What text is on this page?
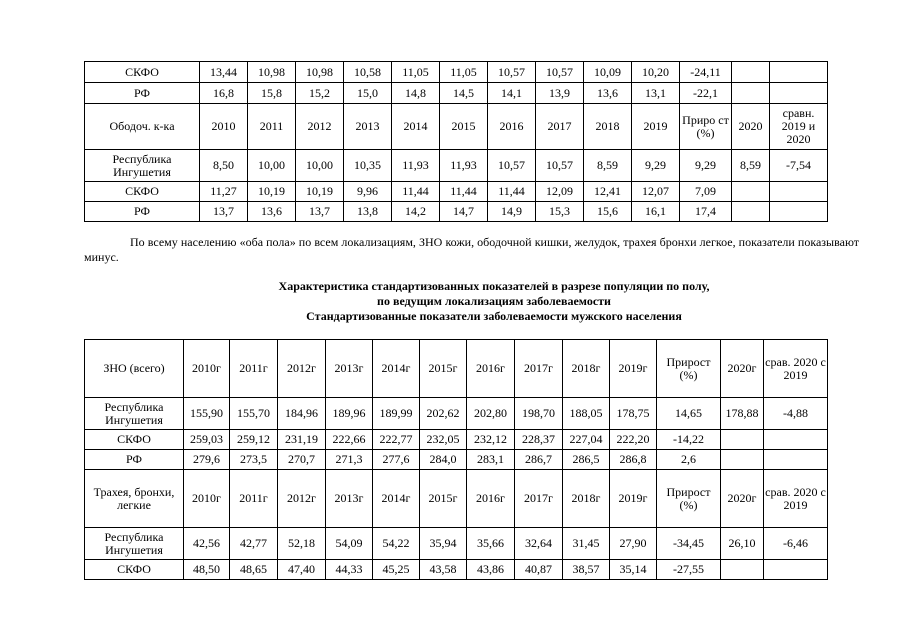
СКФО	13,44	10,98	10,98	10,58	11,05	11,05	10,57	10,57	10,09	10,20	-24,11		
РФ	16,8	15,8	15,2	15,0	14,8	14,5	14,1	13,9	13,6	13,1	-22,1		
Ободоч. к-ка	2010	2011	2012	2013	2014	2015	2016	2017	2018	2019	Приро ст (%)	2020	сравн. 2019 и 2020
Республика Ингушетия	8,50	10,00	10,00	10,35	11,93	11,93	10,57	10,57	8,59	9,29	9,29	8,59	-7,54
СКФО	11,27	10,19	10,19	9,96	11,44	11,44	11,44	12,09	12,41	12,07	7,09		
РФ	13,7	13,6	13,7	13,8	14,2	14,7	14,9	15,3	15,6	16,1	17,4		

По всему населению «оба пола» по всем локализациям, ЗНО кожи, ободочной кишки, желудок, трахея бронхи легкое, показатели показывают минус.

Характеристика стандартизованных показателей в разрезе популяции по полу,
по ведущим локализациям заболеваемости
Стандартизованные показатели заболеваемости мужского населения
ЗНО (всего)	2010г	2011г	2012г	2013г	2014г	2015г	2016г	2017г	2018г	2019г	Прирост (%)	2020г	срав. 2020 с 2019
Республика Ингушетия	155,90	155,70	184,96	189,96	189,99	202,62	202,80	198,70	188,05	178,75	14,65	178,88	-4,88
СКФО	259,03	259,12	231,19	222,66	222,77	232,05	232,12	228,37	227,04	222,20	-14,22		
РФ	279,6	273,5	270,7	271,3	277,6	284,0	283,1	286,7	286,5	286,8	2,6		
Трахея, бронхи, легкие	2010г	2011г	2012г	2013г	2014г	2015г	2016г	2017г	2018г	2019г	Прирост (%)	2020г	срав. 2020 с 2019
Республика Ингушетия	42,56	42,77	52,18	54,09	54,22	35,94	35,66	32,64	31,45	27,90	-34,45	26,10	-6,46
СКФО	48,50	48,65	47,40	44,33	45,25	43,58	43,86	40,87	38,57	35,14	-27,55		
